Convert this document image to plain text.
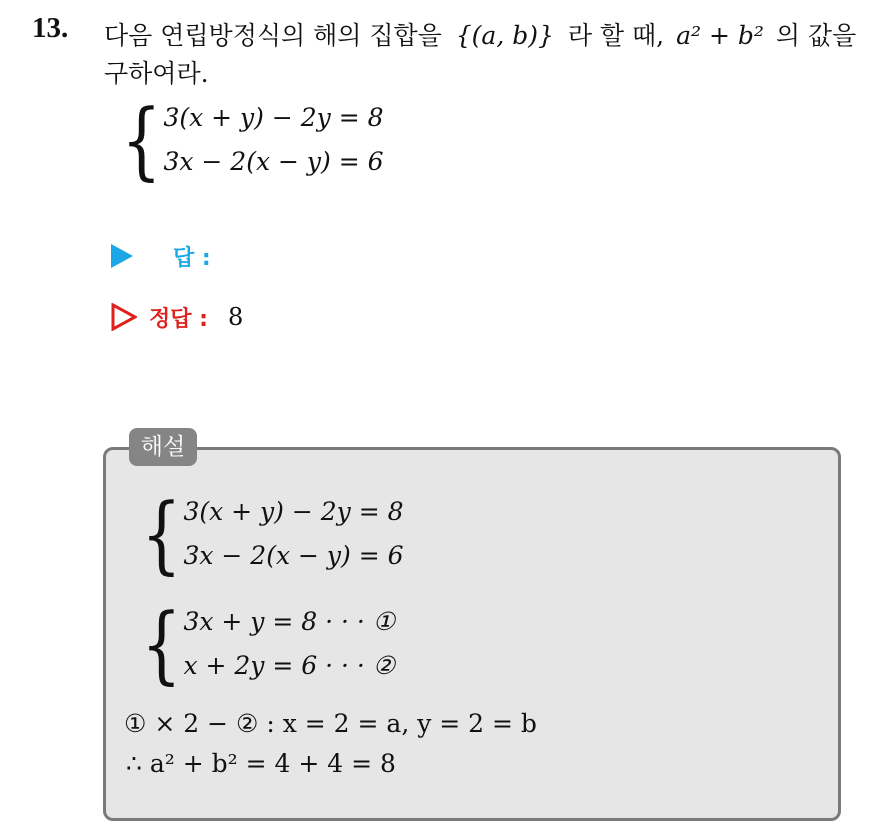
13. 다음 연립방정식의 해의 집합을 {(a, b)} 라 할 때, a² + b² 의 값을
구하여라.
{ 3(x + y) − 2y = 8
3x − 2(x − y) = 6
답 :
정답 : 8
해설
{ 3(x + y) − 2y = 8
3x − 2(x − y) = 6
{ 3x + y = 8 · · · ①
x + 2y = 6 · · · ②
① × 2 − ② : x = 2 = a, y = 2 = b
∴ a² + b² = 4 + 4 = 8
